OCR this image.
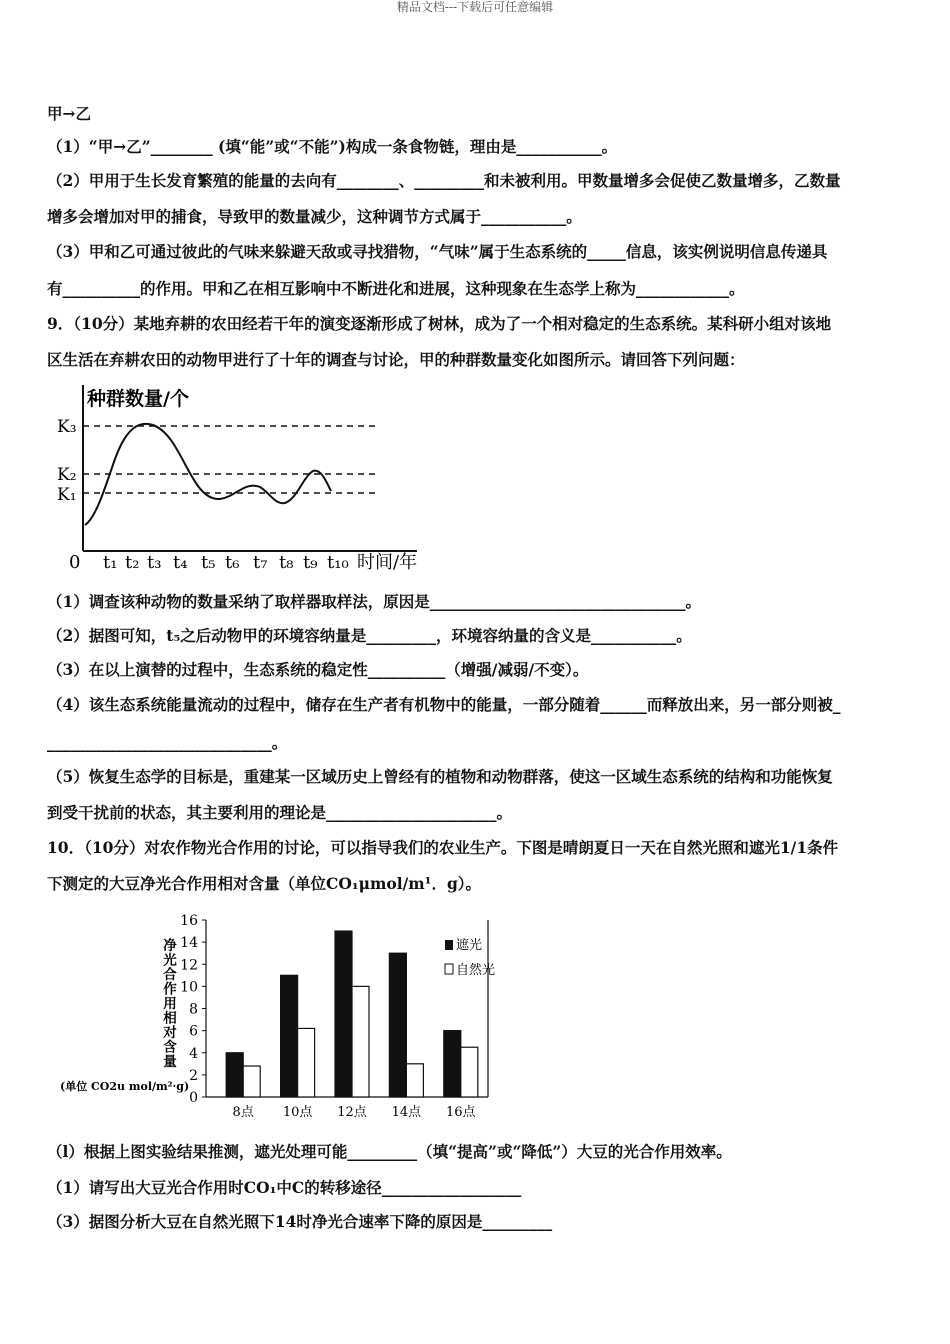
精品文档---下载后可任意编辑
甲→乙
（1）“甲→乙”________ (填“能”或“不能”)构成一条食物链，理由是___________。
（2）甲用于生长发育繁殖的能量的去向有________、_________和未被利用。甲数量增多会促使乙数量增多，乙数量
增多会增加对甲的捕食，导致甲的数量减少，这种调节方式属于___________。
（3）甲和乙可通过彼此的气味来躲避天敌或寻找猎物，“气味”属于生态系统的_____信息，该实例说明信息传递具
有__________的作用。甲和乙在相互影响中不断进化和进展，这种现象在生态学上称为____________。
9．（10分）某地弃耕的农田经若干年的演变逐渐形成了树林，成为了一个相对稳定的生态系统。某科研小组对该地
区生活在弃耕农田的动物甲进行了十年的调查与讨论，甲的种群数量变化如图所示。请回答下列问题：
种群数量/个
K₃
K₂
K₁
0 t₁ t₂ t₃ t₄ t₅ t₆ t₇ t₈ t₉ t₁₀ 时间/年
（1）调查该种动物的数量采纳了取样器取样法，原因是_________________________________。
（2）据图可知，t₅之后动物甲的环境容纳量是_________，环境容纳量的含义是___________。
（3）在以上演替的过程中，生态系统的稳定性__________（增强/减弱/不变）。
（4）该生态系统能量流动的过程中，储存在生产者有机物中的能量，一部分随着______而释放出来，另一部分则被_
_____________________________。
（5）恢复生态学的目标是，重建某一区域历史上曾经有的植物和动物群落，使这一区域生态系统的结构和功能恢复
到受干扰前的状态，其主要利用的理论是______________________。
10．（10分）对农作物光合作用的讨论，可以指导我们的农业生产。下图是晴朗夏日一天在自然光照和遮光1/1条件
下测定的大豆净光合作用相对含量（单位CO₁μmol/m¹．g）。
净
光
合
作
用
相
对
含
量
(单位 CO2u mol/m²·g)
0
2
4
6
8
10
12
14
16
8点 10点 12点 14点 16点
遮光
自然光
（l）根据上图实验结果推测，遮光处理可能_________（填“提高”或“降低”）大豆的光合作用效率。
（1）请写出大豆光合作用时CO₁中C的转移途径__________________
（3）据图分析大豆在自然光照下14时净光合速率下降的原因是_________
